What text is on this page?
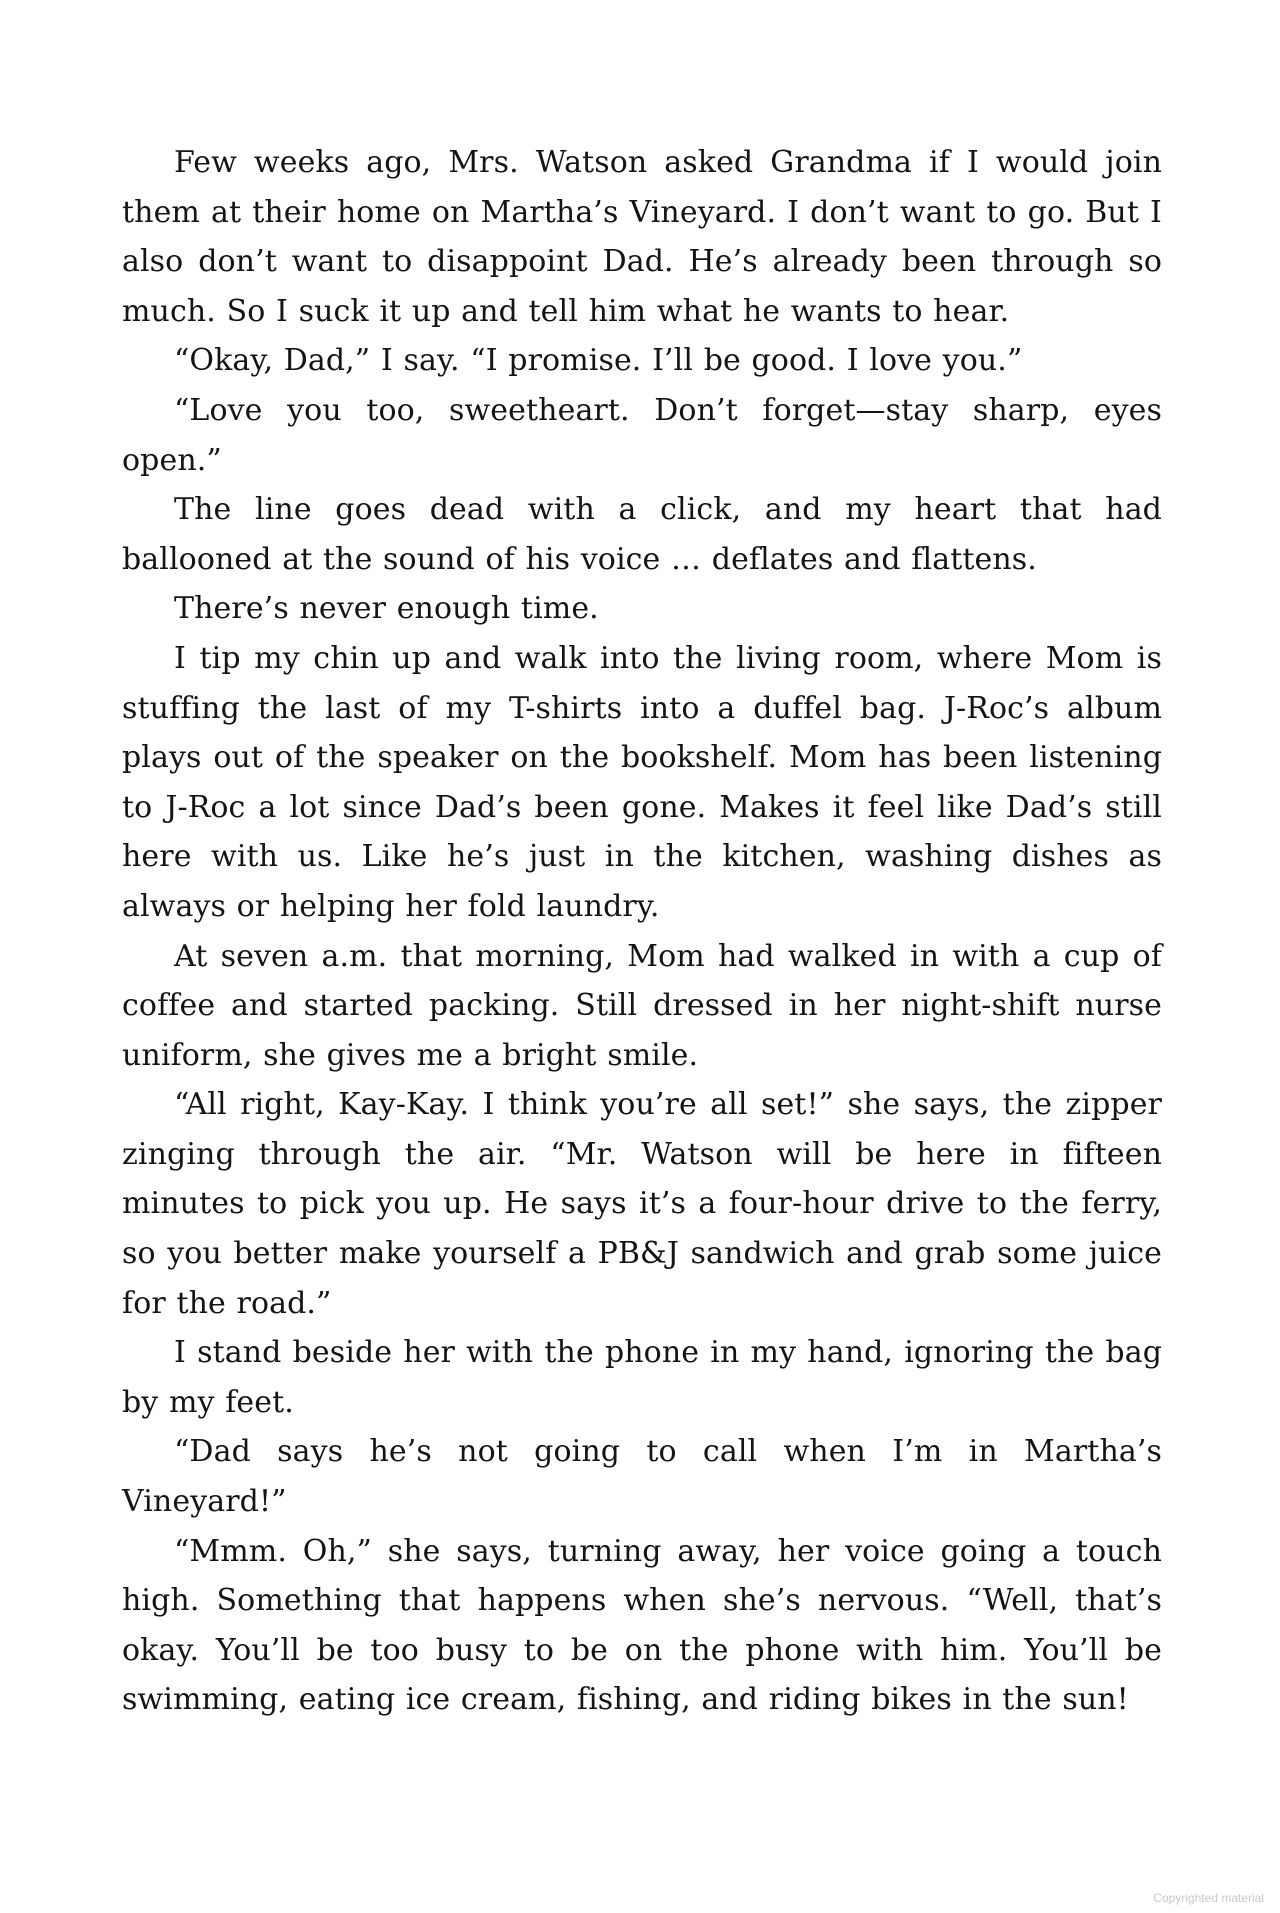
Few weeks ago, Mrs. Watson asked Grandma if I would join them at their home on Martha’s Vineyard. I don’t want to go. But I also don’t want to disappoint Dad. He’s already been through so much. So I suck it up and tell him what he wants to hear.

“Okay, Dad,” I say. “I promise. I’ll be good. I love you.”

“Love you too, sweetheart. Don’t forget—stay sharp, eyes open.”

The line goes dead with a click, and my heart that had ballooned at the sound of his voice … deflates and flattens.

There’s never enough time.

I tip my chin up and walk into the living room, where Mom is stuffing the last of my T-shirts into a duffel bag. J-Roc’s album plays out of the speaker on the bookshelf. Mom has been listening to J-Roc a lot since Dad’s been gone. Makes it feel like Dad’s still here with us. Like he’s just in the kitchen, washing dishes as always or helping her fold laundry.

At seven a.m. that morning, Mom had walked in with a cup of coffee and started packing. Still dressed in her night-shift nurse uniform, she gives me a bright smile.

“All right, Kay-Kay. I think you’re all set!” she says, the zipper zinging through the air. “Mr. Watson will be here in fifteen minutes to pick you up. He says it’s a four-hour drive to the ferry, so you better make yourself a PB&J sandwich and grab some juice for the road.”

I stand beside her with the phone in my hand, ignoring the bag by my feet.

“Dad says he’s not going to call when I’m in Martha’s Vineyard!”

“Mmm. Oh,” she says, turning away, her voice going a touch high. Something that happens when she’s nervous. “Well, that’s okay. You’ll be too busy to be on the phone with him. You’ll be swimming, eating ice cream, fishing, and riding bikes in the sun!

Copyrighted material
